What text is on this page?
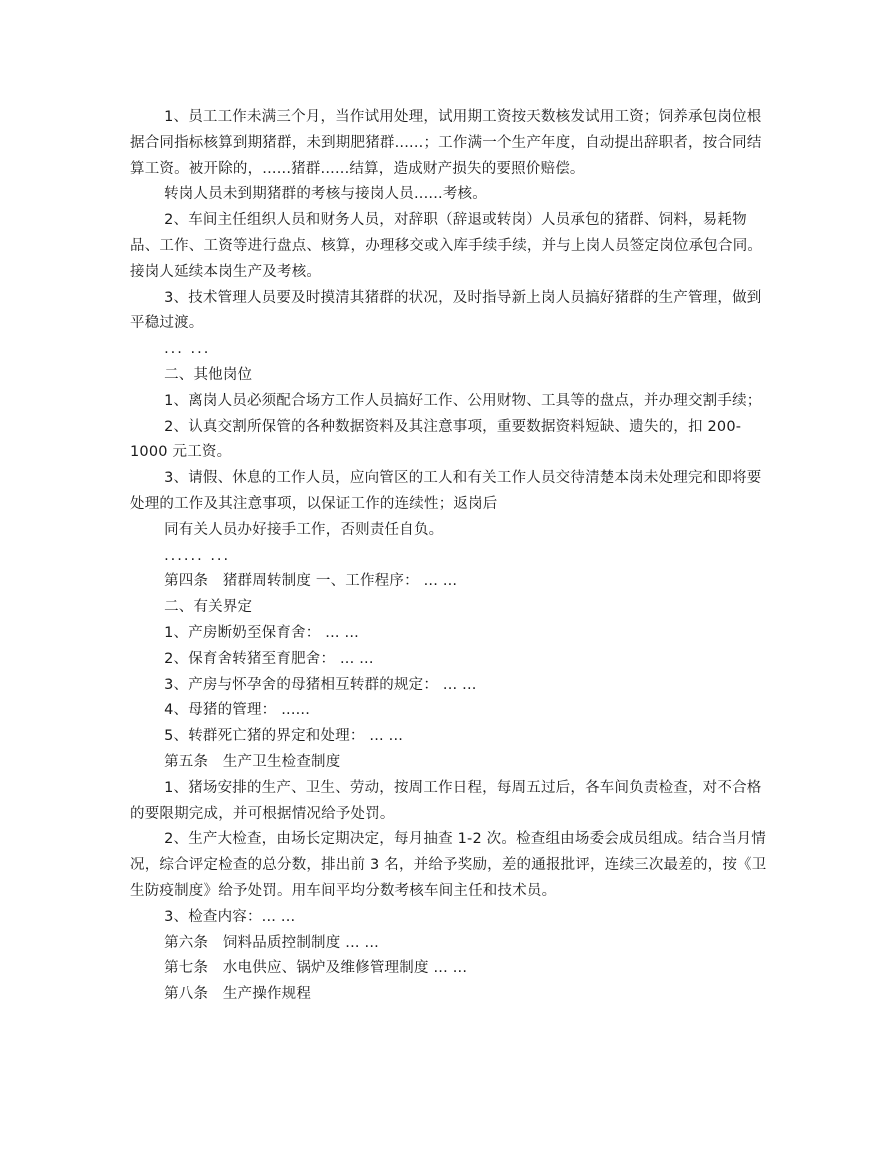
1、员工工作未满三个月，当作试用处理，试用期工资按天数核发试用工资；饲养承包岗位根据合同指标核算到期猪群，未到期肥猪群......；工作满一个生产年度，自动提出辞职者，按合同结算工资。被开除的，......猪群......结算，造成财产损失的要照价赔偿。

转岗人员未到期猪群的考核与接岗人员......考核。

2、车间主任组织人员和财务人员，对辞职（辞退或转岗）人员承包的猪群、饲料，易耗物品、工作、工资等进行盘点、核算，办理移交或入库手续手续，并与上岗人员签定岗位承包合同。接岗人延续本岗生产及考核。

3、技术管理人员要及时摸清其猪群的状况，及时指导新上岗人员搞好猪群的生产管理，做到平稳过渡。

... ...

二、其他岗位

1、离岗人员必须配合场方工作人员搞好工作、公用财物、工具等的盘点，并办理交割手续；

2、认真交割所保管的各种数据资料及其注意事项，重要数据资料短缺、遗失的，扣 200-1000 元工资。

3、请假、休息的工作人员，应向管区的工人和有关工作人员交待清楚本岗未处理完和即将要处理的工作及其注意事项，以保证工作的连续性；返岗后

同有关人员办好接手工作，否则责任自负。

...... ...

第四条　猪群周转制度 一、工作程序： ... ...

二、有关界定

1、产房断奶至保育舍： ... ...

2、保育舍转猪至育肥舍： ... ...

3、产房与怀孕舍的母猪相互转群的规定： ... ...

4、母猪的管理： ......

5、转群死亡猪的界定和处理： ... ...

第五条　生产卫生检查制度

1、猪场安排的生产、卫生、劳动，按周工作日程，每周五过后，各车间负责检查，对不合格的要限期完成，并可根据情况给予处罚。

2、生产大检查，由场长定期决定，每月抽查 1-2 次。检查组由场委会成员组成。结合当月情况，综合评定检查的总分数，排出前 3 名，并给予奖励，差的通报批评，连续三次最差的，按《卫生防疫制度》给予处罚。用车间平均分数考核车间主任和技术员。

3、检查内容：... ...

第六条　饲料品质控制制度 ... ...

第七条　水电供应、锅炉及维修管理制度 ... ...

第八条　生产操作规程
